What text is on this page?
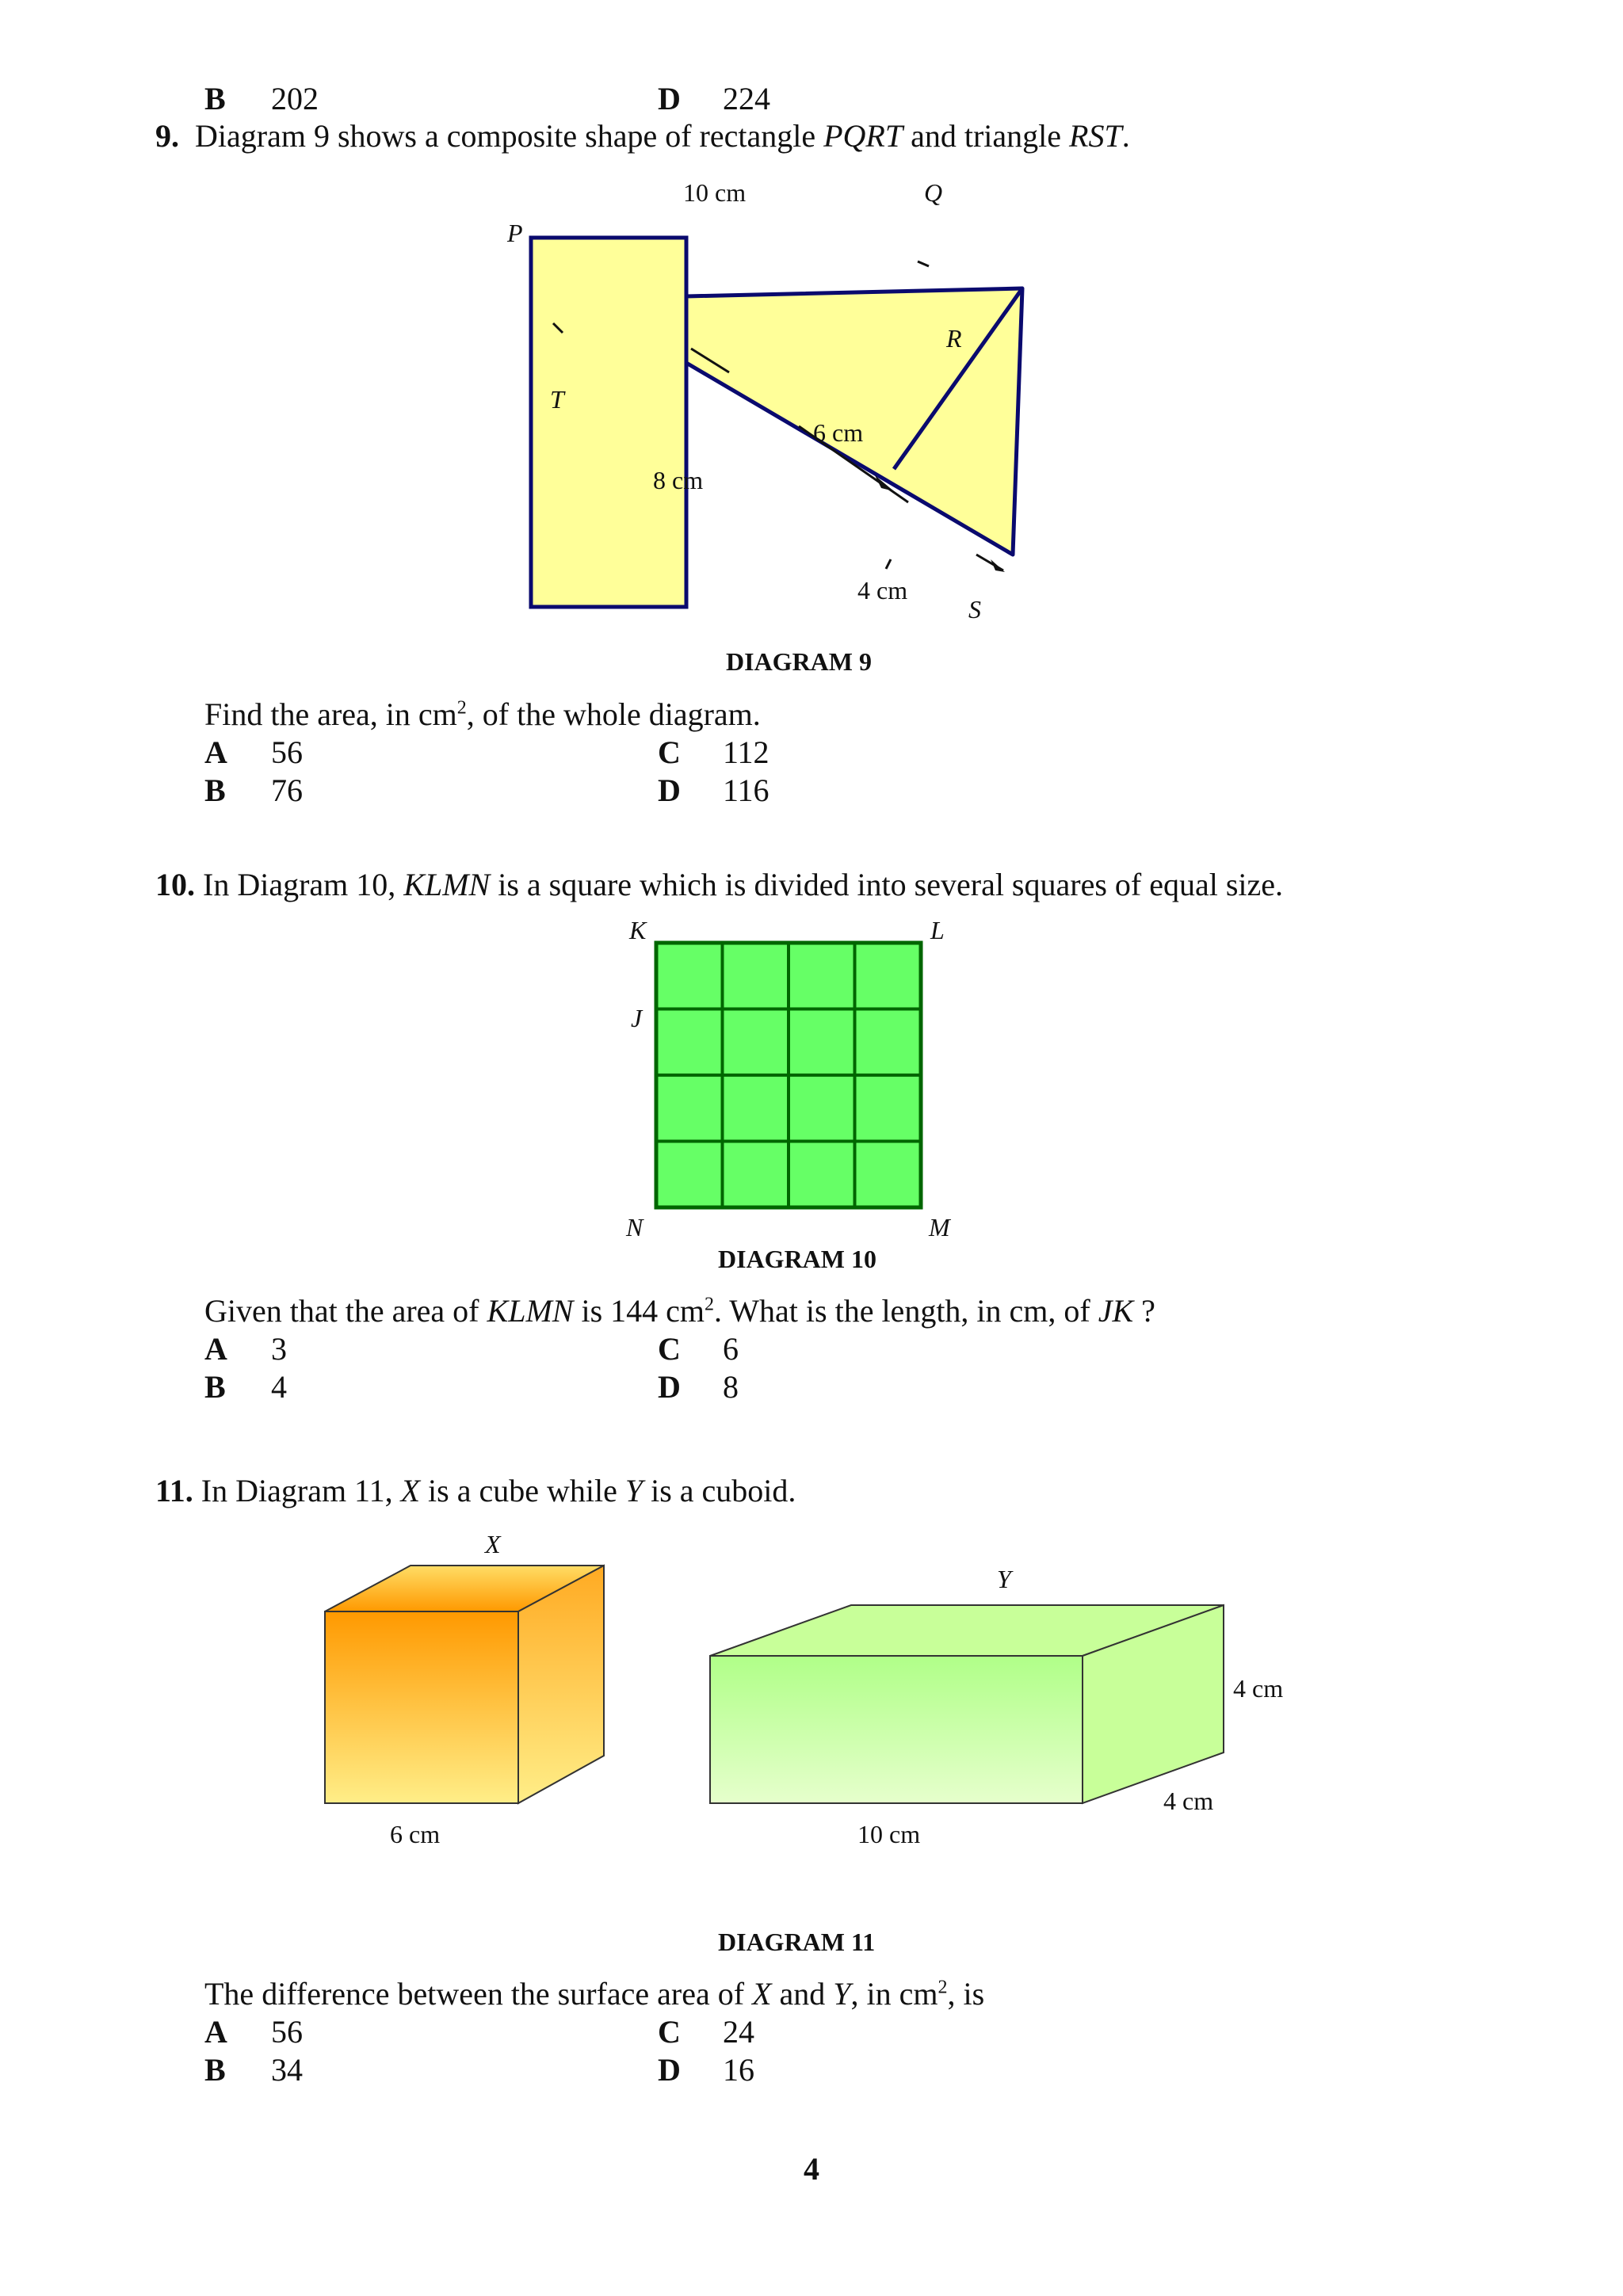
B 202	D 224
9. Diagram 9 shows a composite shape of rectangle PQRT and triangle RST.
P
Q
R
S
T
10 cm
8 cm
6 cm
4 cm
DIAGRAM 9
Find the area, in $cm^2$, of the whole diagram.
A 56	C 112
B 76	D 116
10. In Diagram 10, KLMN is a square which is divided into several squares of equal size.
K	L
J
N	M
DIAGRAM 10
Given that the area of KLMN is 144 $cm^2$. What is the length, in cm, of JK ?
A 3	C 6
B 4	D 8
11. In Diagram 11, X is a cube while Y is a cuboid.
X
Y
6 cm	10 cm
4 cm
4 cm
DIAGRAM 11
The difference between the surface area of X and Y, in $cm^2$, is
A 56	C 24
B 34	D 16
4
